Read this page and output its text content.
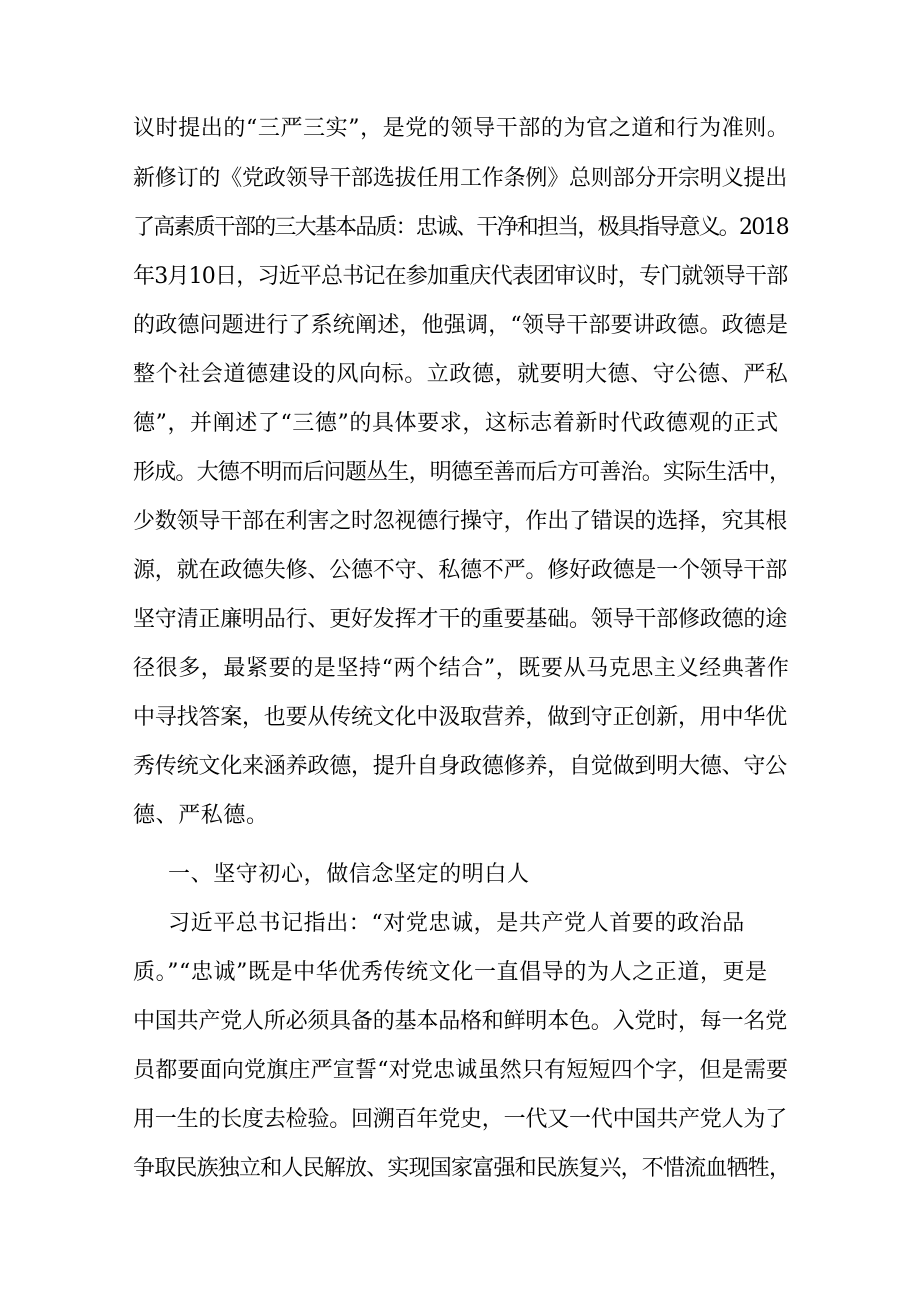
议时提出的“三严三实”，是党的领导干部的为官之道和行为准则。
新修订的《党政领导干部选拔任用工作条例》总则部分开宗明义提出
了高素质干部的三大基本品质：忠诚、干净和担当，极具指导意义。2018
年3月10日，习近平总书记在参加重庆代表团审议时，专门就领导干部
的政德问题进行了系统阐述，他强调，“领导干部要讲政德。政德是
整个社会道德建设的风向标。立政德，就要明大德、守公德、严私
德”，并阐述了“三德”的具体要求，这标志着新时代政德观的正式
形成。大德不明而后问题丛生，明德至善而后方可善治。实际生活中，
少数领导干部在利害之时忽视德行操守，作出了错误的选择，究其根
源，就在政德失修、公德不守、私德不严。修好政德是一个领导干部
坚守清正廉明品行、更好发挥才干的重要基础。领导干部修政德的途
径很多，最紧要的是坚持“两个结合”，既要从马克思主义经典著作
中寻找答案，也要从传统文化中汲取营养，做到守正创新，用中华优
秀传统文化来涵养政德，提升自身政德修养，自觉做到明大德、守公
德、严私德。
一、坚守初心，做信念坚定的明白人
习近平总书记指出：“对党忠诚，是共产党人首要的政治品
质。”“忠诚”既是中华优秀传统文化一直倡导的为人之正道，更是
中国共产党人所必须具备的基本品格和鲜明本色。入党时，每一名党
员都要面向党旗庄严宣誓“对党忠诚虽然只有短短四个字，但是需要
用一生的长度去检验。回溯百年党史，一代又一代中国共产党人为了
争取民族独立和人民解放、实现国家富强和民族复兴，不惜流血牺牲，
